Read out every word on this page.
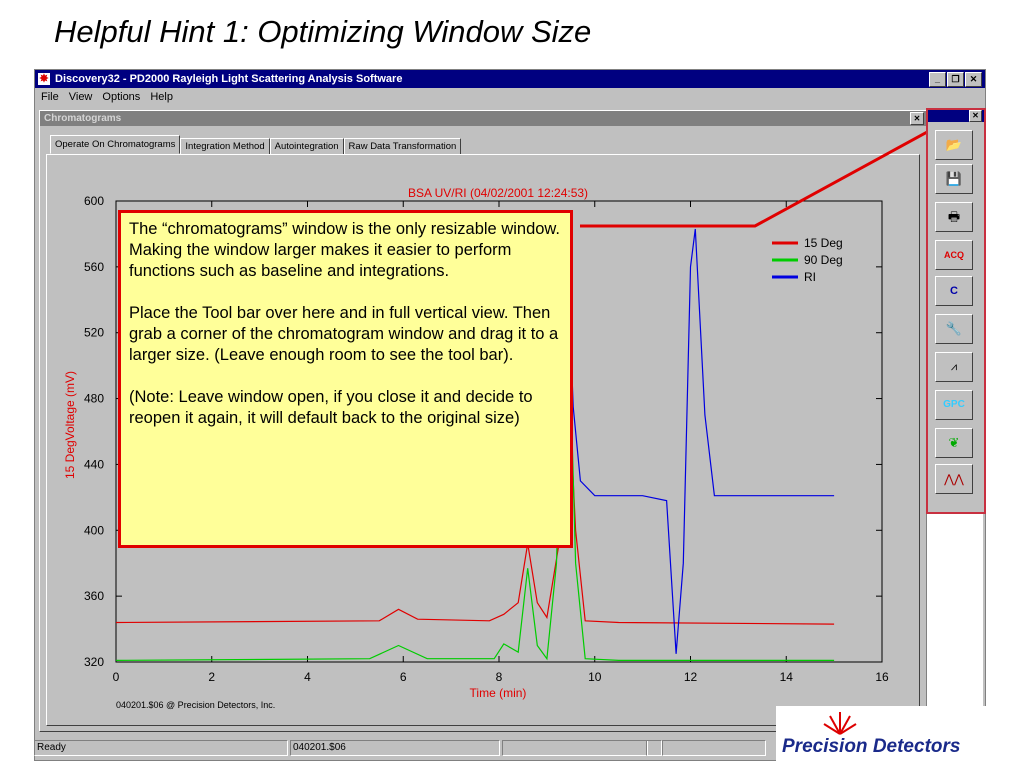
Helpful Hint 1: Optimizing Window Size
✸ Discovery32 - PD2000 Rayleigh Light Scattering Analysis Software	_	❐	✕
File View Options Help
Chromatograms	✕
Operate On Chromatograms	Integration Method	Autointegration	Raw Data Transformation
0	2	4	6	8	10	12	14	16
320
360
400
440
480
520
560
600
BSA UV/RI (04/02/2001 12:24:53)
Time (min)
15 DegVoltage (mV)
040201.$06 @ Precision Detectors, Inc.
15 Deg
90 Deg
RI

The “chromatograms” window is the only resizable window. Making the window larger makes it easier to perform functions such as baseline and integrations.

Place the Tool bar over here and in full vertical view. Then grab a corner of the chromatogram window and drag it to a larger size. (Leave enough room to see the tool bar).

(Note: Leave window open, if you close it and decide to reopen it again, it will default back to the original size)

✕
📂
💾
🖶
ACQ
C
🔧
⩘
GPC
❦
⋀⋀
Ready	040201.$06	Precision Detectors
